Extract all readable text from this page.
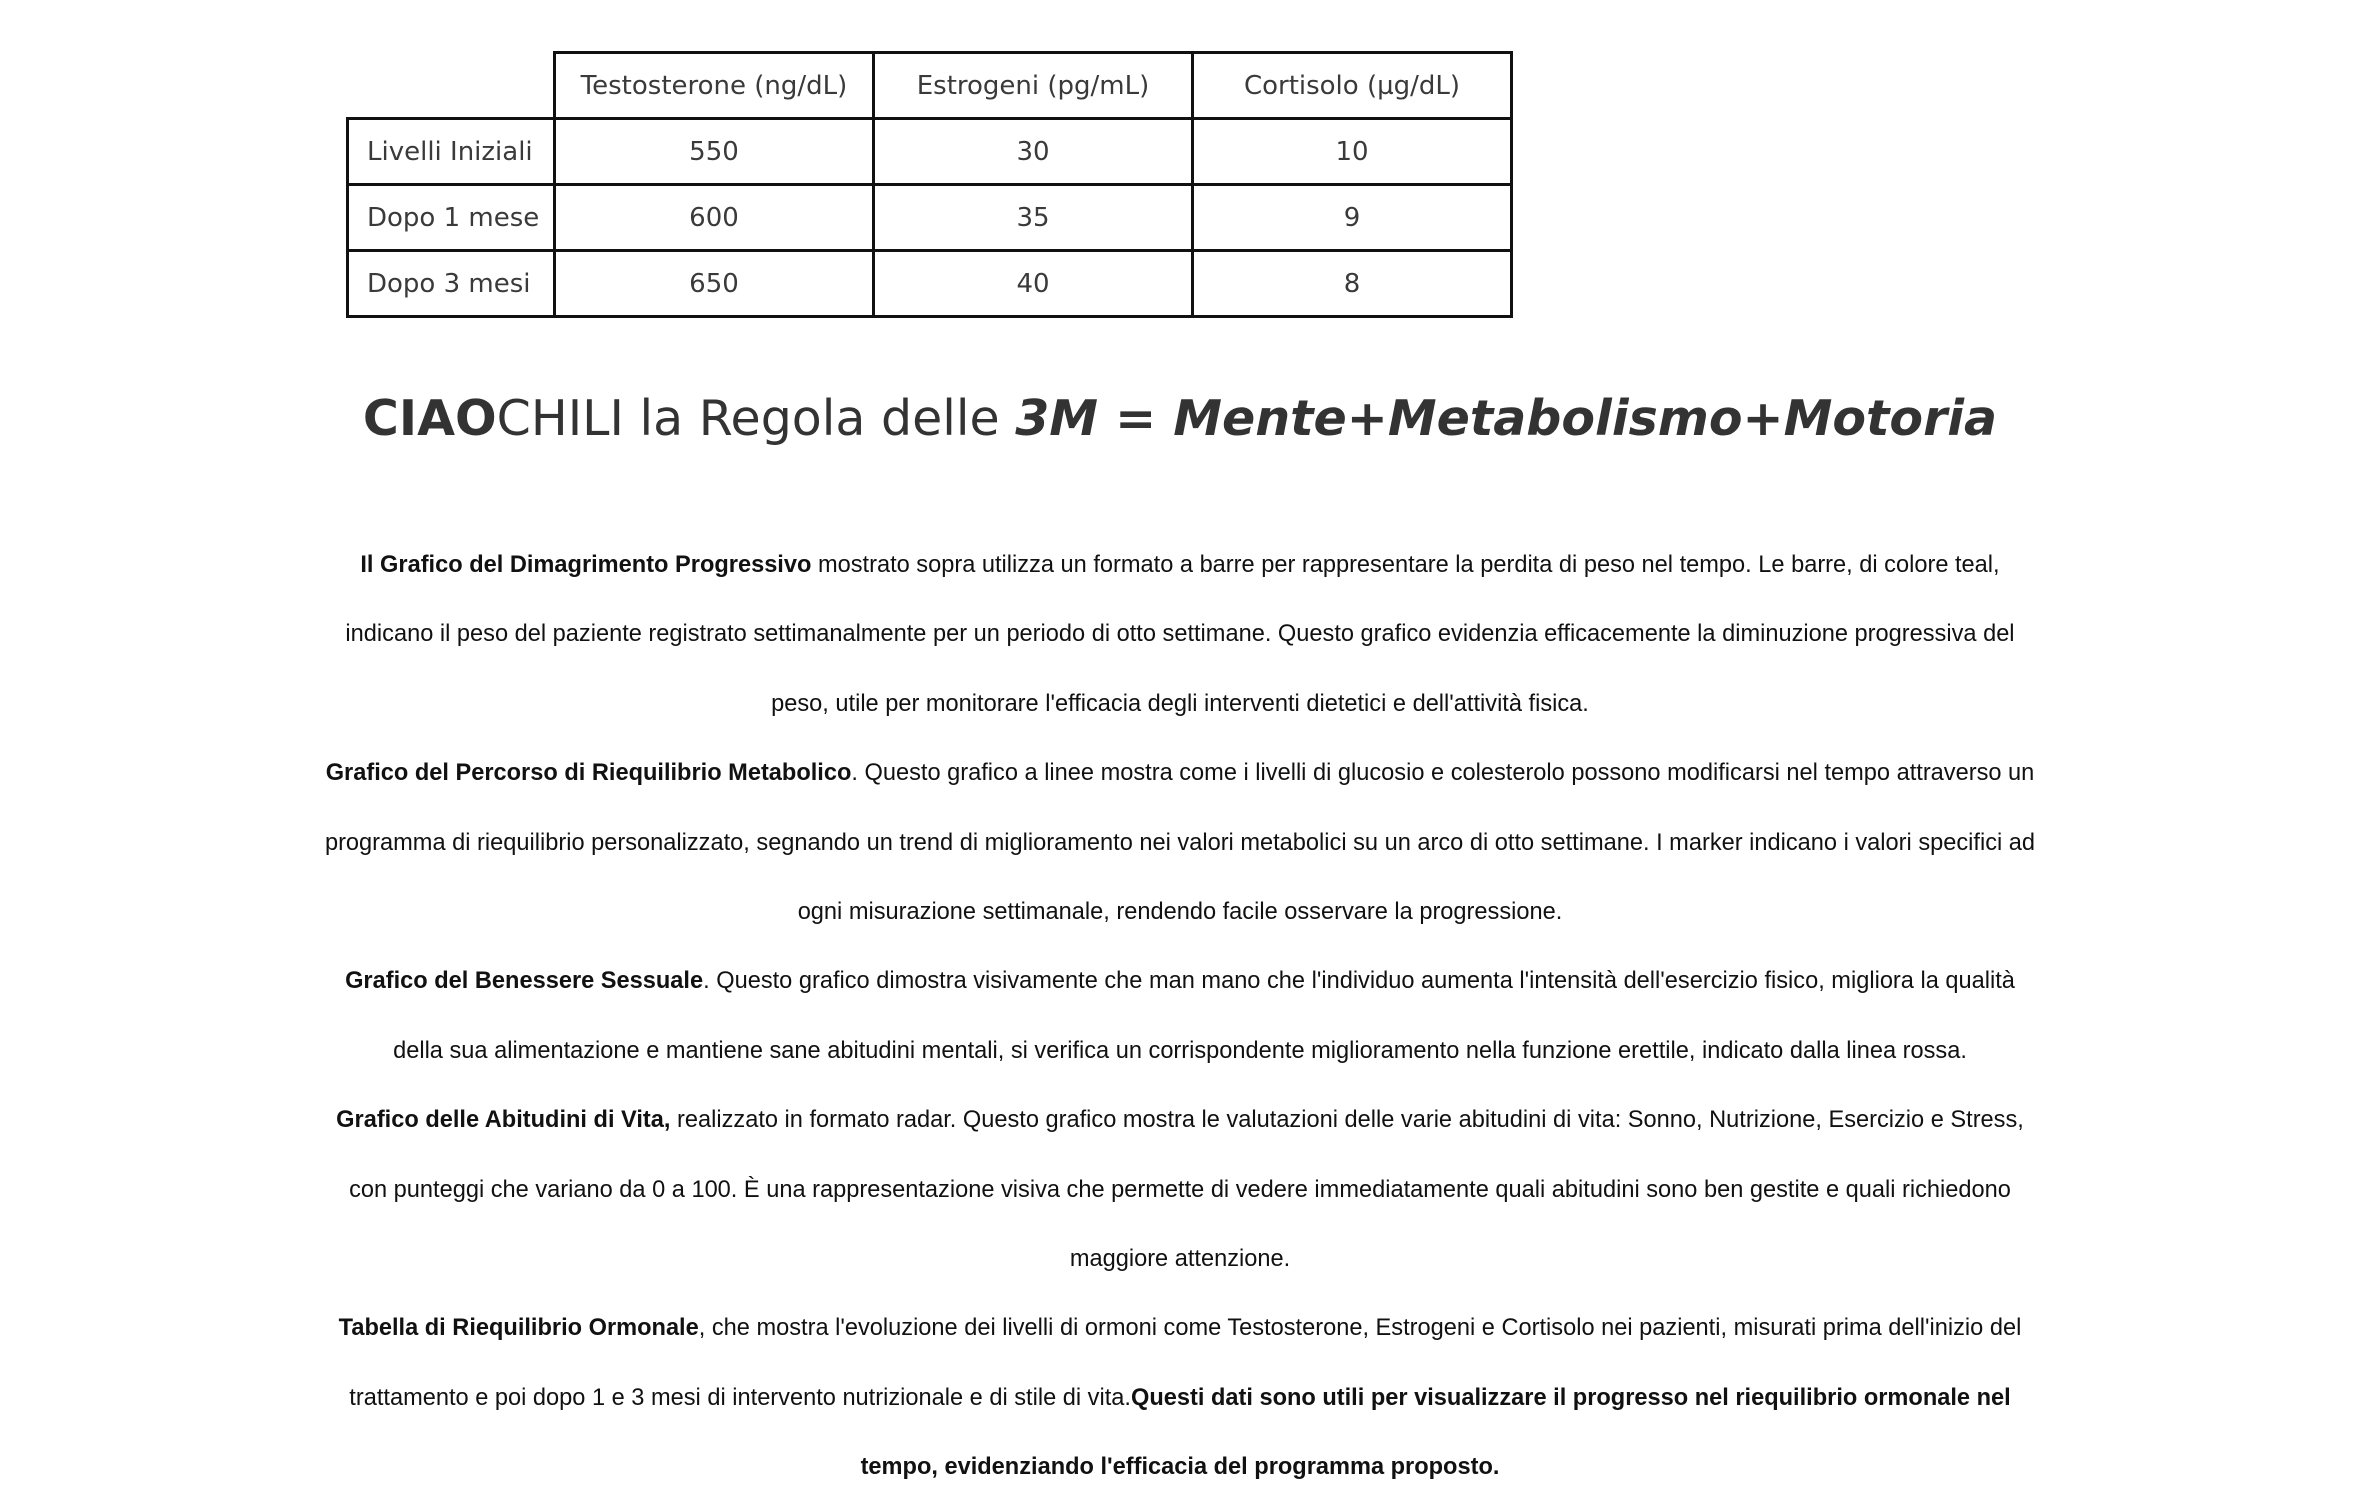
	Testosterone (ng/dL)	Estrogeni (pg/mL)	Cortisolo (µg/dL)
Livelli Iniziali	550	30	10
Dopo 1 mese	600	35	9
Dopo 3 mesi	650	40	8
CIAOCHILI la Regola delle 3M = Mente+Metabolismo+Motoria

Il Grafico del Dimagrimento Progressivo mostrato sopra utilizza un formato a barre per rappresentare la perdita di peso nel tempo. Le barre, di colore teal, indicano il peso del paziente registrato settimanalmente per un periodo di otto settimane. Questo grafico evidenzia efficacemente la diminuzione progressiva del peso, utile per monitorare l'efficacia degli interventi dietetici e dell'attività fisica.

Grafico del Percorso di Riequilibrio Metabolico. Questo grafico a linee mostra come i livelli di glucosio e colesterolo possono modificarsi nel tempo attraverso un programma di riequilibrio personalizzato, segnando un trend di miglioramento nei valori metabolici su un arco di otto settimane. I marker indicano i valori specifici ad ogni misurazione settimanale, rendendo facile osservare la progressione.

Grafico del Benessere Sessuale. Questo grafico dimostra visivamente che man mano che l'individuo aumenta l'intensità dell'esercizio fisico, migliora la qualità della sua alimentazione e mantiene sane abitudini mentali, si verifica un corrispondente miglioramento nella funzione erettile, indicato dalla linea rossa.

Grafico delle Abitudini di Vita, realizzato in formato radar. Questo grafico mostra le valutazioni delle varie abitudini di vita: Sonno, Nutrizione, Esercizio e Stress, con punteggi che variano da 0 a 100. È una rappresentazione visiva che permette di vedere immediatamente quali abitudini sono ben gestite e quali richiedono maggiore attenzione.

Tabella di Riequilibrio Ormonale, che mostra l'evoluzione dei livelli di ormoni come Testosterone, Estrogeni e Cortisolo nei pazienti, misurati prima dell'inizio del trattamento e poi dopo 1 e 3 mesi di intervento nutrizionale e di stile di vita.Questi dati sono utili per visualizzare il progresso nel riequilibrio ormonale nel tempo, evidenziando l'efficacia del programma proposto.
